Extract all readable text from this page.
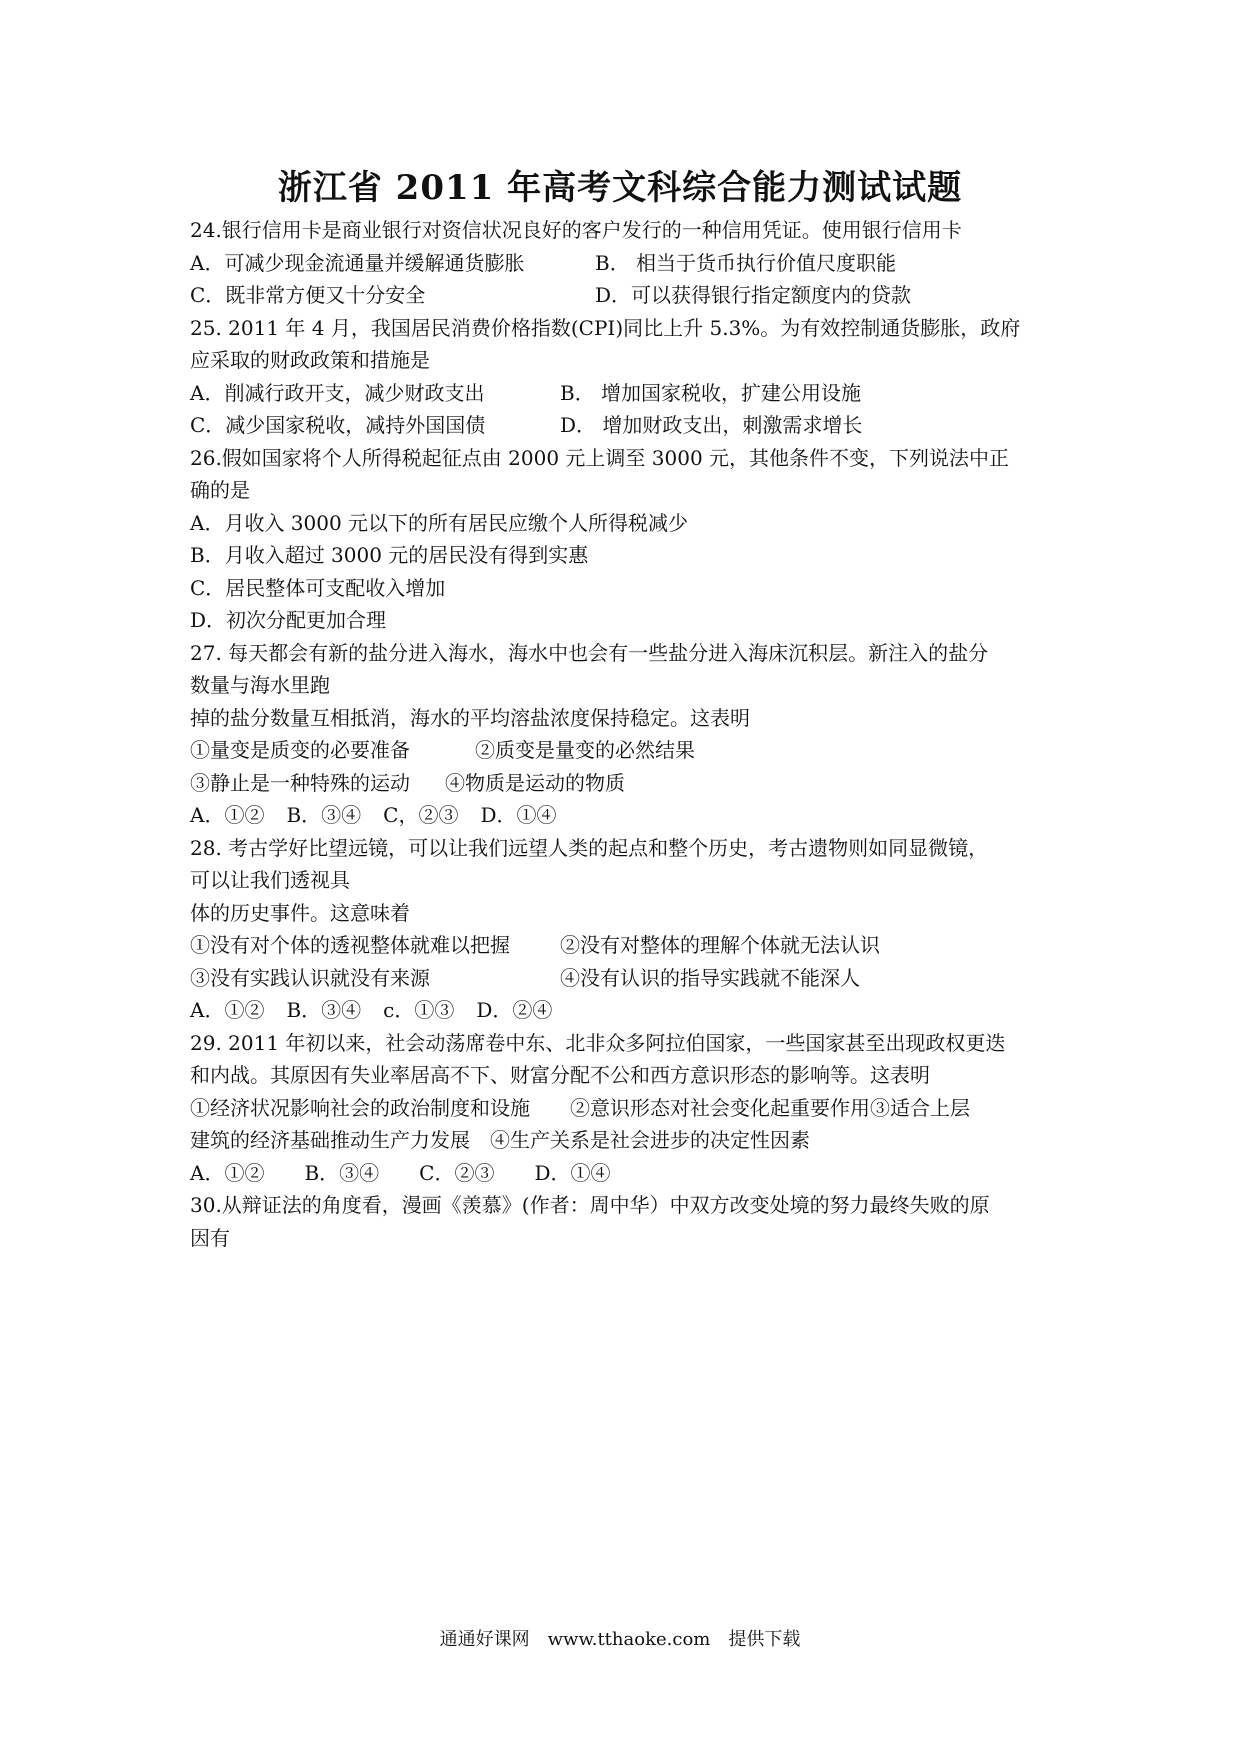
浙江省 2011 年高考文科综合能力测试试题
24.银行信用卡是商业银行对资信状况良好的客户发行的一种信用凭证。使用银行信用卡
A．可减少现金流通量并缓解通货膨胀	B． 相当于货币执行价值尺度职能
C．既非常方便又十分安全	D．可以获得银行指定额度内的贷款
25. 2011 年 4 月，我国居民消费价格指数(CPI)同比上升 5.3%。为有效控制通货膨胀，政府
应采取的财政政策和措施是
A．削减行政开支，减少财政支出	B． 增加国家税收，扩建公用设施
C．减少国家税收，减持外国国债	D． 增加财政支出，刺激需求增长
26.假如国家将个人所得税起征点由 2000 元上调至 3000 元，其他条件不变，下列说法中正
确的是
A．月收入 3000 元以下的所有居民应缴个人所得税减少
B．月收入超过 3000 元的居民没有得到实惠
C．居民整体可支配收入增加
D．初次分配更加合理
27. 每天都会有新的盐分进入海水，海水中也会有一些盐分进入海床沉积层。新注入的盐分
数量与海水里跑
掉的盐分数量互相抵消，海水的平均溶盐浓度保持稳定。这表明
①量变是质变的必要准备	②质变是量变的必然结果
③静止是一种特殊的运动	④物质是运动的物质
A．①② B．③④ C，②③ D．①④
28. 考古学好比望远镜，可以让我们远望人类的起点和整个历史，考古遗物则如同显微镜，
可以让我们透视具
体的历史事件。这意味着
①没有对个体的透视整体就难以把握	②没有对整体的理解个体就无法认识
③没有实践认识就没有来源	④没有认识的指导实践就不能深人
A．①② B．③④ c．①③ D．②④
29. 2011 年初以来，社会动荡席卷中东、北非众多阿拉伯国家，一些国家甚至出现政权更迭
和内战。其原因有失业率居高不下、财富分配不公和西方意识形态的影响等。这表明
①经济状况影响社会的政治制度和设施　　②意识形态对社会变化起重要作用③适合上层
建筑的经济基础推动生产力发展　④生产关系是社会进步的决定性因素
A．①② B．③④ C．②③ D．①④
30.从辩证法的角度看，漫画《羡慕》(作者：周中华）中双方改变处境的努力最终失败的原
因有
通通好课网　www.tthaoke.com　提供下载
